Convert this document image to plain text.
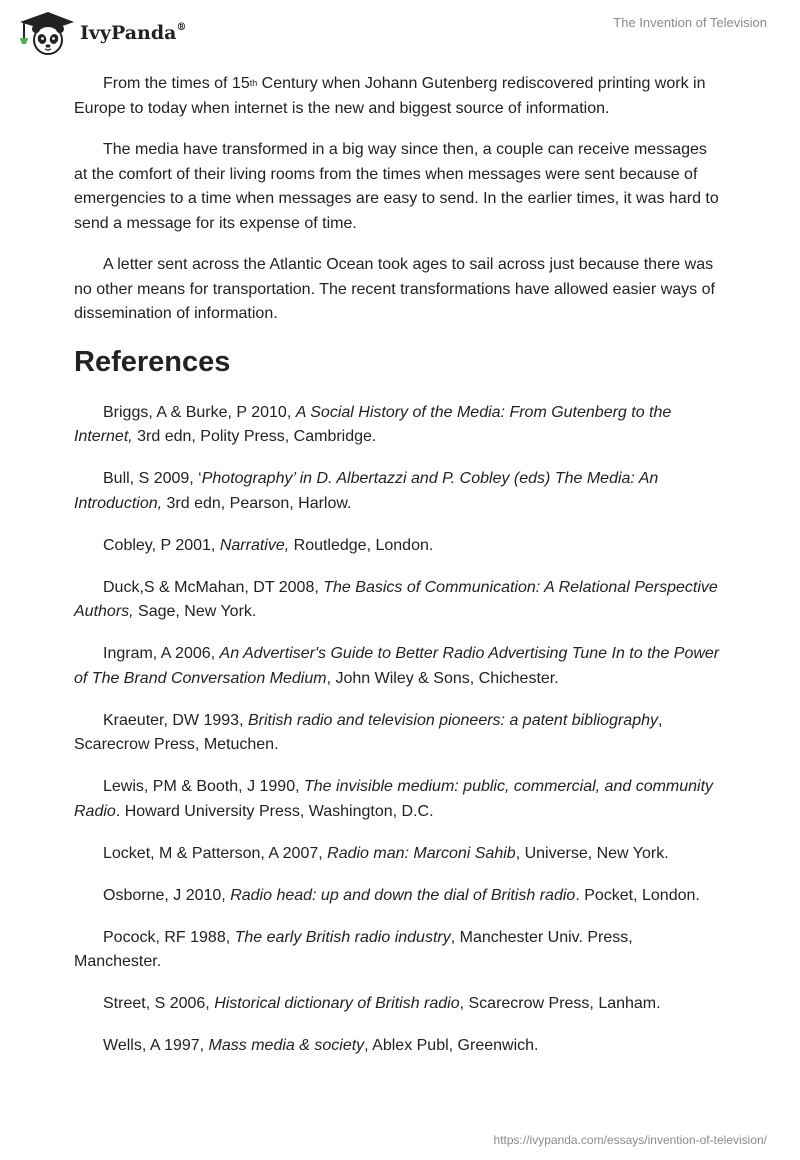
IvyPanda®	The Invention of Television

From the times of 15th Century when Johann Gutenberg rediscovered printing work in Europe to today when internet is the new and biggest source of information.

The media have transformed in a big way since then, a couple can receive messages at the comfort of their living rooms from the times when messages were sent because of emergencies to a time when messages are easy to send. In the earlier times, it was hard to send a message for its expense of time.

A letter sent across the Atlantic Ocean took ages to sail across just because there was no other means for transportation. The recent transformations have allowed easier ways of dissemination of information.

References

Briggs, A & Burke, P 2010, A Social History of the Media: From Gutenberg to the Internet, 3rd edn, Polity Press, Cambridge.

Bull, S 2009, ‘Photography’ in D. Albertazzi and P. Cobley (eds) The Media: An Introduction, 3rd edn, Pearson, Harlow.

Cobley, P 2001, Narrative, Routledge, London.

Duck,S & McMahan, DT 2008, The Basics of Communication: A Relational Perspective Authors, Sage, New York.

Ingram, A 2006, An Advertiser's Guide to Better Radio Advertising Tune In to the Power of The Brand Conversation Medium, John Wiley & Sons, Chichester.

Kraeuter, DW 1993, British radio and television pioneers: a patent bibliography, Scarecrow Press, Metuchen.

Lewis, PM & Booth, J 1990, The invisible medium: public, commercial, and community Radio. Howard University Press, Washington, D.C.

Locket, M & Patterson, A 2007, Radio man: Marconi Sahib, Universe, New York.

Osborne, J 2010, Radio head: up and down the dial of British radio. Pocket, London.

Pocock, RF 1988, The early British radio industry, Manchester Univ. Press, Manchester.

Street, S 2006, Historical dictionary of British radio, Scarecrow Press, Lanham.

Wells, A 1997, Mass media & society, Ablex Publ, Greenwich.

https://ivypanda.com/essays/invention-of-television/
